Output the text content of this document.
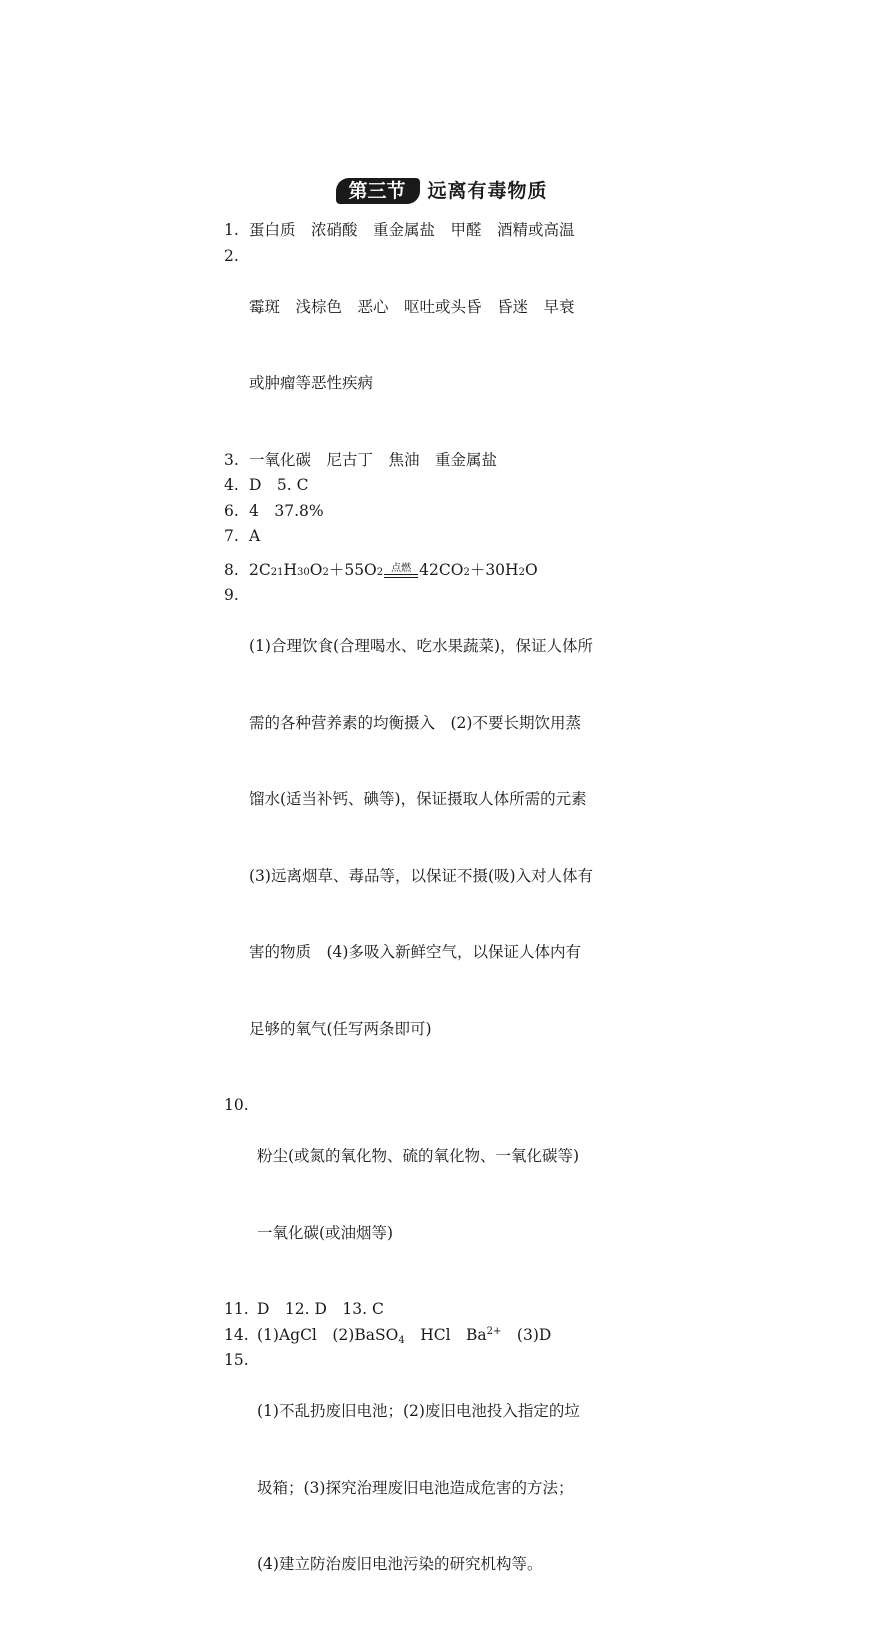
第三节	远离有毒物质
1. 蛋白质　浓硝酸　重金属盐　甲醛　酒精或高温
2.

霉斑　浅棕色　恶心　呕吐或头昏　昏迷　早衰

或肿瘤等恶性疾病

3. 一氧化碳　尼古丁　焦油　重金属盐
4. D　5. C
6. 4　37.8%
7. A
8. 2C 21 H 30 O 2 ＋55O 2 点燃 42CO 2 ＋30H 2 O
9.

(1)合理饮食(合理喝水、吃水果蔬菜)，保证人体所

需的各种营养素的均衡摄入　(2)不要长期饮用蒸

馏水(适当补钙、碘等)，保证摄取人体所需的元素

(3)远离烟草、毒品等，以保证不摄(吸)入对人体有

害的物质　(4)多吸入新鲜空气，以保证人体内有

足够的氧气(任写两条即可)

10.

粉尘(或氮的氧化物、硫的氧化物、一氧化碳等)

一氧化碳(或油烟等)

11. D　12. D　13. C
14. (1)AgCl　(2)BaSO$_4$　HCl　$Ba^{2+}$　(3)D
15.

(1)不乱扔废旧电池；(2)废旧电池投入指定的垃

圾箱；(3)探究治理废旧电池造成危害的方法；

(4)建立防治废旧电池污染的研究机构等。
